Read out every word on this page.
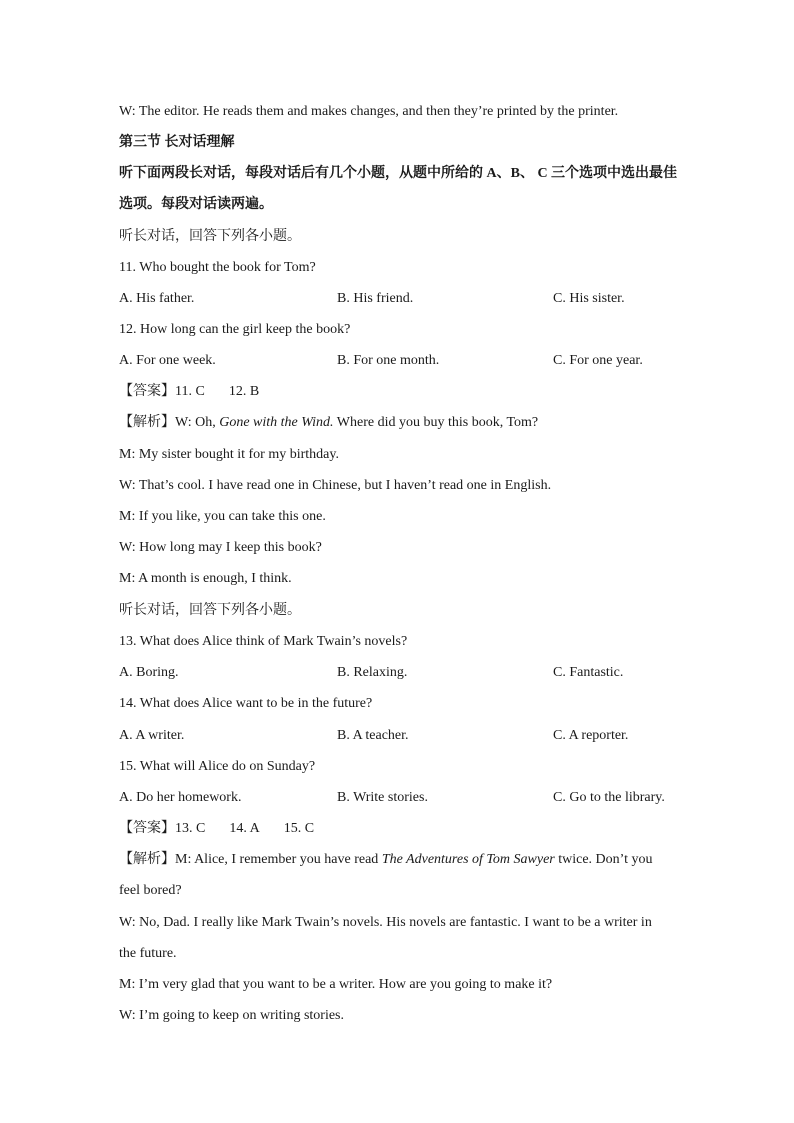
W: The editor. He reads them and makes changes, and then they’re printed by the printer.
第三节 长对话理解
听下面两段长对话，每段对话后有几个小题，从题中所给的 A、B、 C 三个选项中选出最佳
选项。每段对话读两遍。
听长对话，回答下列各小题。
11. Who bought the book for Tom?
A. His father.	B. His friend.	C. His sister.
12. How long can the girl keep the book?
A. For one week.	B. For one month.	C. For one year.
【答案】11. C 12. B
【解析】W: Oh, Gone with the Wind. Where did you buy this book, Tom?
M: My sister bought it for my birthday.
W: That’s cool. I have read one in Chinese, but I haven’t read one in English.
M: If you like, you can take this one.
W: How long may I keep this book?
M: A month is enough, I think.
听长对话，回答下列各小题。
13. What does Alice think of Mark Twain’s novels?
A. Boring.	B. Relaxing.	C. Fantastic.
14. What does Alice want to be in the future?
A. A writer.	B. A teacher.	C. A reporter.
15. What will Alice do on Sunday?
A. Do her homework.	B. Write stories.	C. Go to the library.
【答案】13. C 14. A 15. C
【解析】M: Alice, I remember you have read The Adventures of Tom Sawyer twice. Don’t you
feel bored?
W: No, Dad. I really like Mark Twain’s novels. His novels are fantastic. I want to be a writer in
the future.
M: I’m very glad that you want to be a writer. How are you going to make it?
W: I’m going to keep on writing stories.
